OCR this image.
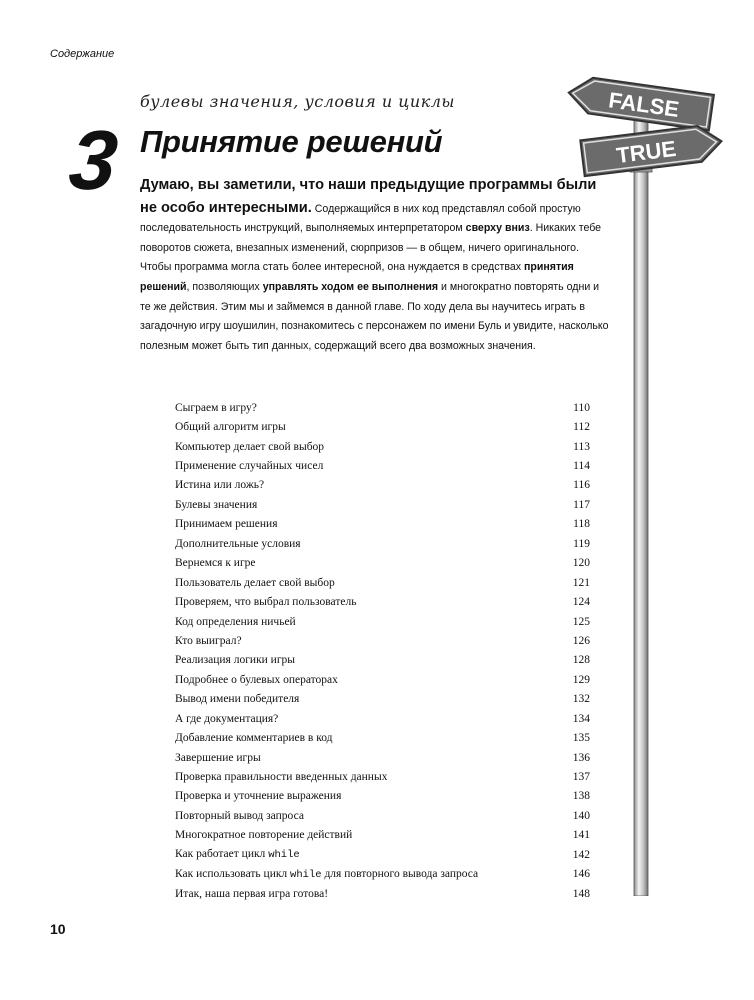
Содержание
булевы значения, условия и циклы
3 Принятие решений
FALSE
TRUE
Думаю, вы заметили, что наши предыдущие программы были не особо интересными. Содержащийся в них код представлял собой простую последовательность инструкций, выполняемых интерпретатором сверху вниз. Никаких тебе поворотов сюжета, внезапных изменений, сюрпризов — в общем, ничего оригинального. Чтобы программа могла стать более интересной, она нуждается в средствах принятия решений, позволяющих управлять ходом ее выполнения и многократно повторять одни и те же действия. Этим мы и займемся в данной главе. По ходу дела вы научитесь играть в загадочную игру шоушилин, познакомитесь с персонажем по имени Буль и увидите, насколько полезным может быть тип данных, содержащий всего два возможных значения.
Сыграем в игру?	110
Общий алгоритм игры	112
Компьютер делает свой выбор	113
Применение случайных чисел	114
Истина или ложь?	116
Булевы значения	117
Принимаем решения	118
Дополнительные условия	119
Вернемся к игре	120
Пользователь делает свой выбор	121
Проверяем, что выбрал пользователь	124
Код определения ничьей	125
Кто выиграл?	126
Реализация логики игры	128
Подробнее о булевых операторах	129
Вывод имени победителя	132
А где документация?	134
Добавление комментариев в код	135
Завершение игры	136
Проверка правильности введенных данных	137
Проверка и уточнение выражения	138
Повторный вывод запроса	140
Многократное повторение действий	141
Как работает цикл while	142
Как использовать цикл while для повторного вывода запроса	146
Итак, наша первая игра готова!	148
10
